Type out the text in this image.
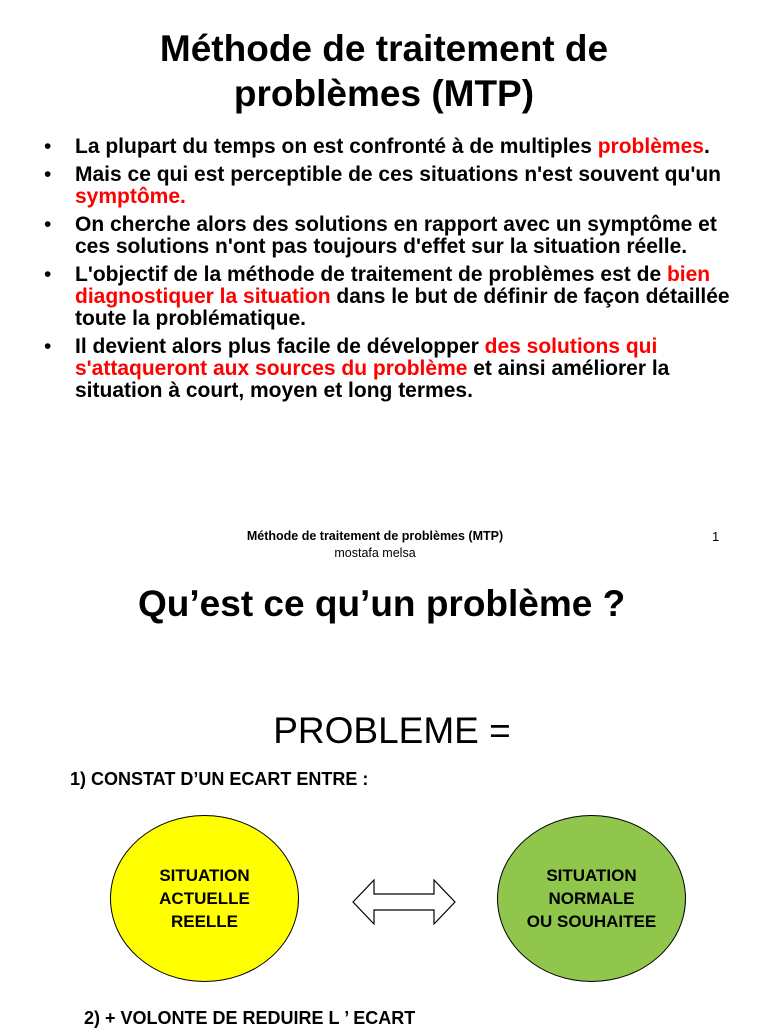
Méthode de traitement de
problèmes (MTP)
• La plupart du temps on est confronté à de multiples problèmes.
• Mais ce qui est perceptible de ces situations n'est souvent qu'un symptôme.
• On cherche alors des solutions en rapport avec un symptôme et ces solutions n'ont pas toujours d'effet sur la situation réelle.
• L'objectif de la méthode de traitement de problèmes est de bien diagnostiquer la situation dans le but de définir de façon détaillée toute la problématique.
• Il devient alors plus facile de développer des solutions qui s'attaqueront aux sources du problème et ainsi améliorer la situation à court, moyen et long termes.
Méthode de traitement de problèmes (MTP)
mostafa melsa
1
Qu’est ce qu’un problème ?
PROBLEME =
1) CONSTAT D’UN ECART ENTRE :
SITUATION
ACTUELLE
REELLE
SITUATION
NORMALE
OU SOUHAITEE
2) + VOLONTE DE REDUIRE L ’ ECART
